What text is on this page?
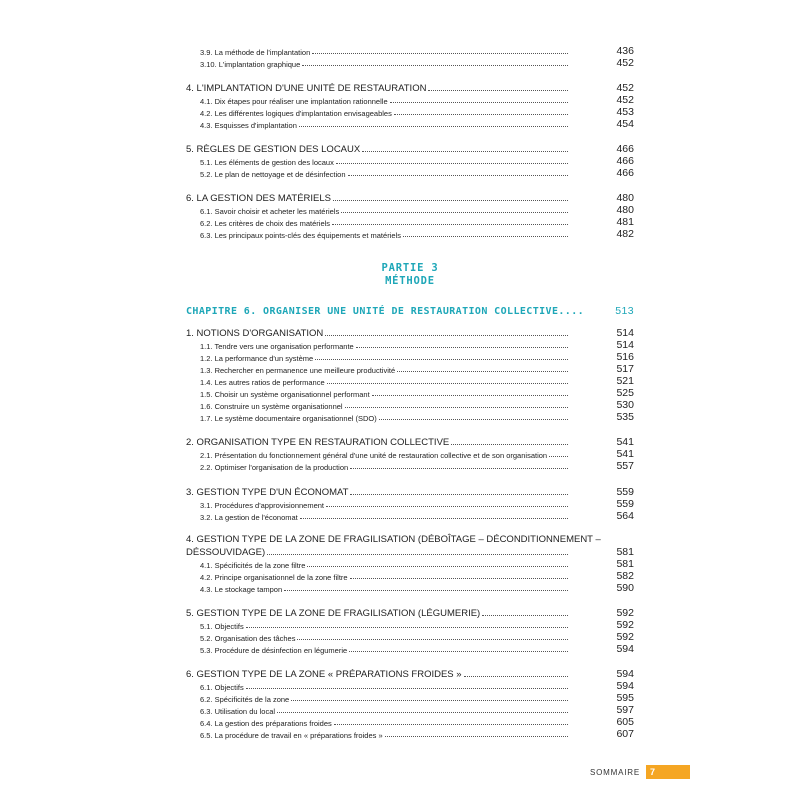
3.9. La méthode de l'implantation	436
3.10. L'implantation graphique	452
4. L'IMPLANTATION D'UNE UNITÉ DE RESTAURATION	452
4.1. Dix étapes pour réaliser une implantation rationnelle	452
4.2. Les différentes logiques d'implantation envisageables	453
4.3. Esquisses d'implantation	454
5. RÈGLES DE GESTION DES LOCAUX	466
5.1. Les éléments de gestion des locaux	466
5.2. Le plan de nettoyage et de désinfection	466
6. LA GESTION DES MATÉRIELS	480
6.1. Savoir choisir et acheter les matériels	480
6.2. Les critères de choix des matériels	481
6.3. Les principaux points-clés des équipements et matériels	482
CHAPITRE 6. ORGANISER UNE UNITÉ DE RESTAURATION COLLECTIVE....	513
1. NOTIONS D'ORGANISATION	514
1.1. Tendre vers une organisation performante	514
1.2. La performance d'un système	516
1.3. Rechercher en permanence une meilleure productivité	517
1.4. Les autres ratios de performance	521
1.5. Choisir un système organisationnel performant	525
1.6. Construire un système organisationnel	530
1.7. Le système documentaire organisationnel (SDO)	535
2. ORGANISATION TYPE EN RESTAURATION COLLECTIVE	541
2.1. Présentation du fonctionnement général d'une unité de restauration collective et de son organisation	541
2.2. Optimiser l'organisation de la production	557
3. GESTION TYPE D'UN ÉCONOMAT	559
3.1. Procédures d'approvisionnement	559
3.2. La gestion de l'économat	564
4. GESTION TYPE DE LA ZONE DE FRAGILISATION (DÉBOÎTAGE – DÉCONDITIONNEMENT –
DÉSSOUVIDAGE)	581
4.1. Spécificités de la zone filtre	581
4.2. Principe organisationnel de la zone filtre	582
4.3. Le stockage tampon	590
5. GESTION TYPE DE LA ZONE DE FRAGILISATION (LÉGUMERIE)	592
5.1. Objectifs	592
5.2. Organisation des tâches	592
5.3. Procédure de désinfection en légumerie	594
6. GESTION TYPE DE LA ZONE « PRÉPARATIONS FROIDES »	594
6.1. Objectifs	594
6.2. Spécificités de la zone	595
6.3. Utilisation du local	597
6.4. La gestion des préparations froides	605
6.5. La procédure de travail en « préparations froides »	607
PARTIE 3
MÉTHODE
SOMMAIRE	7
